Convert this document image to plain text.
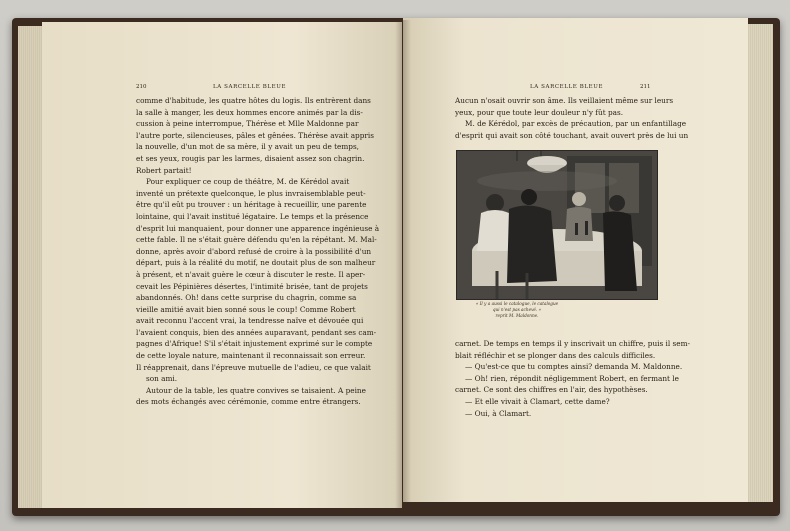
210	LA SARCELLE BLEUE
comme d'habitude, les quatre hôtes du logis. Ils entrèrent dans
la salle à manger, les deux hommes encore animés par la dis-
cussion à peine interrompue, Thérèse et Mlle Maldonne par
l'autre porte, silencieuses, pâles et gênées. Thérèse avait appris
la nouvelle, d'un mot de sa mère, il y avait un peu de temps,
et ses yeux, rougis par les larmes, disaient assez son chagrin.
Robert partait!
Pour expliquer ce coup de théâtre, M. de Kérédol avait
inventé un prétexte quelconque, le plus invraisemblable peut-
être qu'il eût pu trouver : un héritage à recueillir, une parente
lointaine, qui l'avait institué légataire. Le temps et la présence
d'esprit lui manquaient, pour donner une apparence ingénieuse à
cette fable. Il ne s'était guère défendu qu'en la répétant. M. Mal-
donne, après avoir d'abord refusé de croire à la possibilité d'un
départ, puis à la réalité du motif, ne doutait plus de son malheur
à présent, et n'avait guère le cœur à discuter le reste. Il aper-
cevait les Pépinières désertes, l'intimité brisée, tant de projets
abandonnés. Oh! dans cette surprise du chagrin, comme sa
vieille amitié avait bien sonné sous le coup! Comme Robert
avait reconnu l'accent vrai, la tendresse naïve et dévouée qui
l'avaient conquis, bien des années auparavant, pendant ses cam-
pagnes d'Afrique! S'il s'était injustement exprimé sur le compte
de cette loyale nature, maintenant il reconnaissait son erreur.
Il réapprenait, dans l'épreuve mutuelle de l'adieu, ce que valait
son ami.
Autour de la table, les quatre convives se taisaient. A peine
des mots échangés avec cérémonie, comme entre étrangers.
LA SARCELLE BLEUE	211
Aucun n'osait ouvrir son âme. Ils veillaient même sur leurs
yeux, pour que toute leur douleur n'y fût pas.
M. de Kérédol, par excès de précaution, par un enfantillage
d'esprit qui avait son côté touchant, avait ouvert près de lui un
« Il y a aussi le catalogue, le catalogue
qui n'est pas achevé. »
reprit M. Maldonne.
carnet. De temps en temps il y inscrivait un chiffre, puis il sem-
blait réfléchir et se plonger dans des calculs difficiles.
— Qu'est-ce que tu comptes ainsi? demanda M. Maldonne.
— Oh! rien, répondit négligemment Robert, en fermant le
carnet. Ce sont des chiffres en l'air, des hypothèses.
— Et elle vivait à Clamart, cette dame?
— Oui, à Clamart.
